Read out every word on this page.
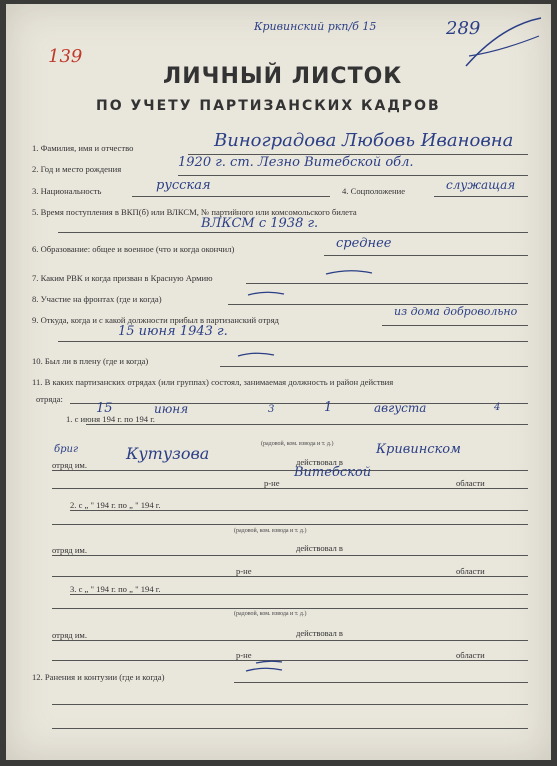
Кривинский ркп/б 15	289
139
ЛИЧНЫЙ ЛИСТОК
ПО УЧЕТУ ПАРТИЗАНСКИХ КАДРОВ
1. Фамилия, имя и отчество	Виноградова Любовь Ивановна
2. Год и место рождения	1920 г. ст. Лезно Витебской обл.
3. Национальность	русская	4. Соцположение	служащая
5. Время поступления в ВКП(б) или ВЛКСМ, № партийного или комсомольского билета
ВЛКСМ с 1938 г.
6. Образование: общее и военное (что и когда окончил)	среднее
7. Каким РВК и когда призван в Красную Армию
8. Участие на фронтах (где и когда)
9. Откуда, когда и с какой должности прибыл в партизанский отряд
из дома добровольно
15 июня 1943 г.
10. Был ли в плену (где и когда)
11. В каких партизанских отрядах (или группах) состоял, занимаемая должность и район действия
отряда:
1. с июня 194 г. по 194 г.
15	июня	1	августа
3	4
бриг	Кутузова	(радовой, ком. взвода и т. д.)
отряд им.	действовал в
Кривинском
р-не
Витебской
области
2. с „ " 194 г. по „ " 194 г.
(радовой, ком. взвода и т. д.)
отряд им.	действовал в
р-не	области
3. с „ " 194 г. по „ " 194 г.
(радовой, ком. взвода и т. д.)
отряд им.	действовал в
р-не	области
12. Ранения и контузии (где и когда)
